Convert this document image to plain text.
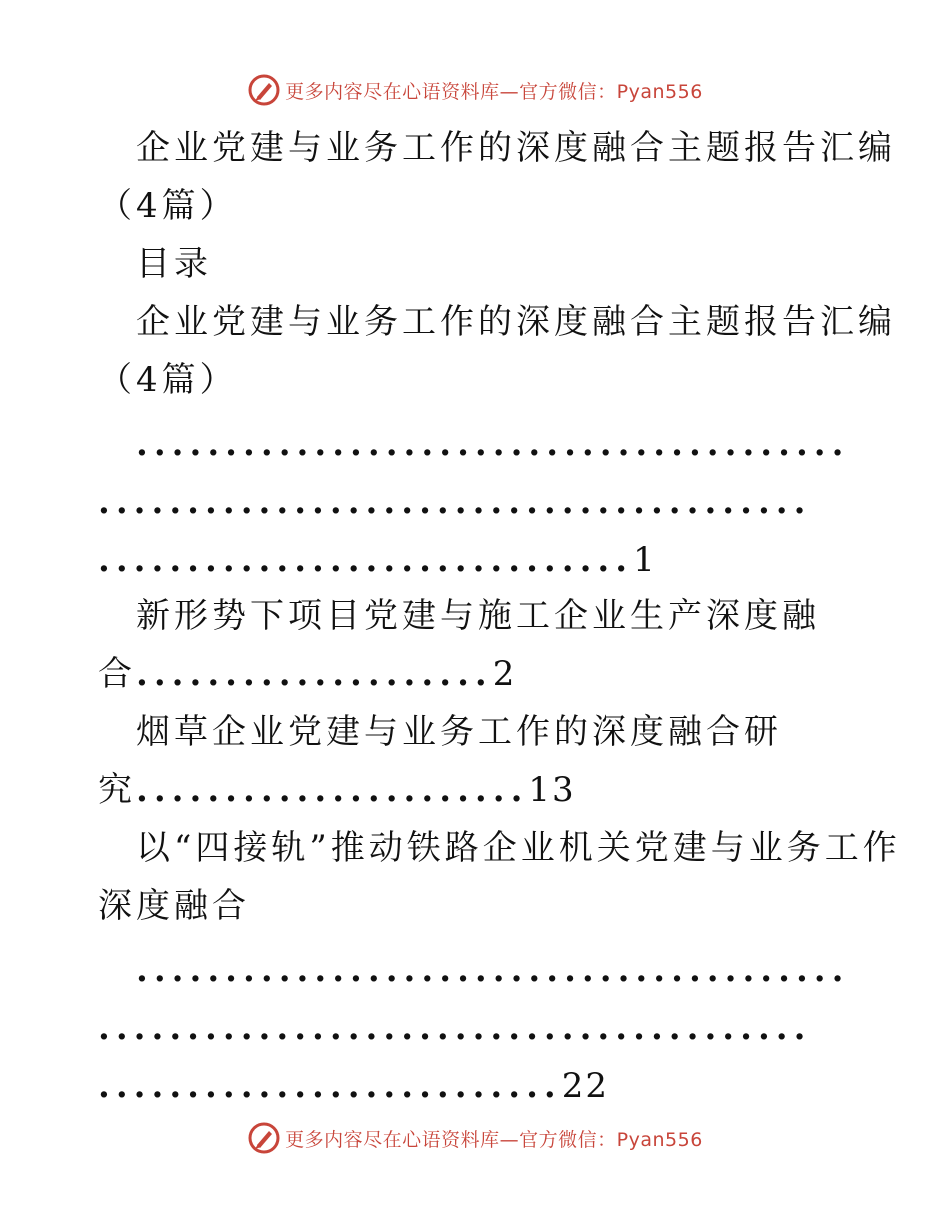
更多内容尽在心语资料库—官方微信：Pyan556
企业党建与业务工作的深度融合主题报告汇编
（4篇）
目录
企业党建与业务工作的深度融合主题报告汇编
（4篇）
........................................
........................................
..............................1
新形势下项目党建与施工企业生产深度融
合....................2
烟草企业党建与业务工作的深度融合研
究......................13
以“四接轨”推动铁路企业机关党建与业务工作
深度融合
........................................
........................................
..........................22
更多内容尽在心语资料库—官方微信：Pyan556
